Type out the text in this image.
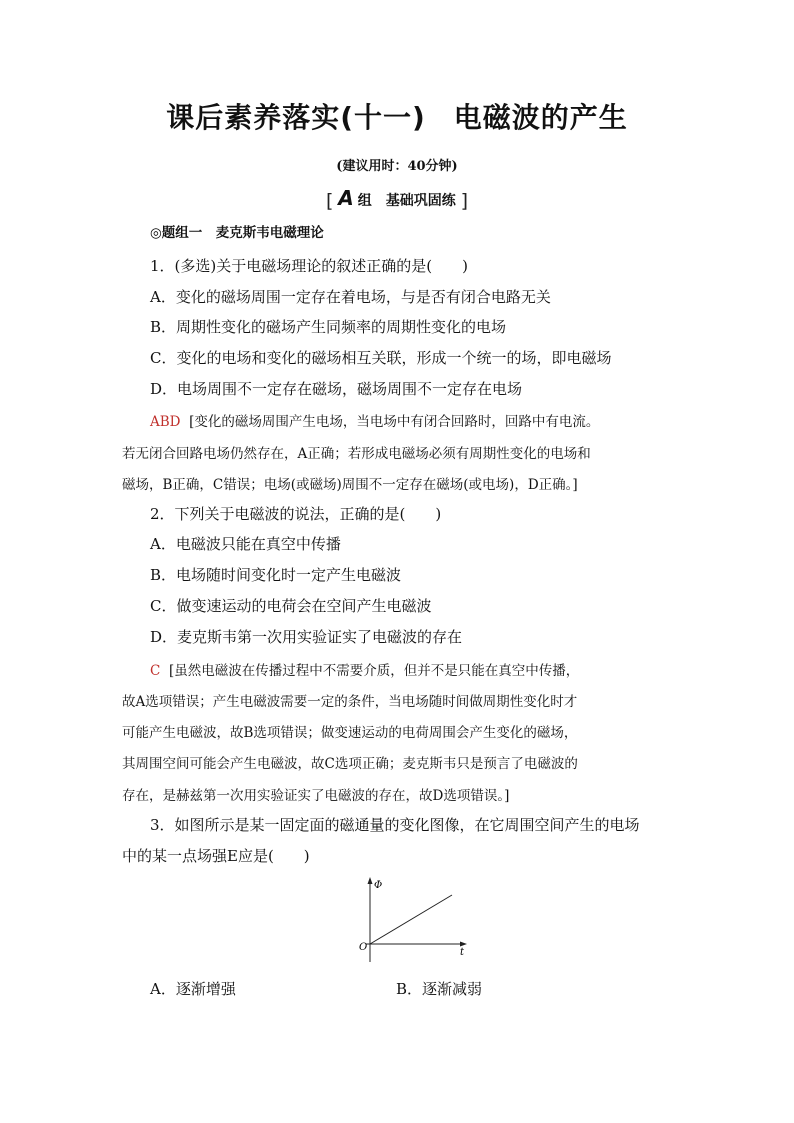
课后素养落实(十一) 电磁波的产生
(建议用时：40分钟)
[ A 组　基础巩固练 ]
◎题组一　麦克斯韦电磁理论
1．(多选)关于电磁场理论的叙述正确的是(　　)
A．变化的磁场周围一定存在着电场，与是否有闭合电路无关
B．周期性变化的磁场产生同频率的周期性变化的电场
C．变化的电场和变化的磁场相互关联，形成一个统一的场，即电磁场
D．电场周围不一定存在磁场，磁场周围不一定存在电场
ABD [变化的磁场周围产生电场，当电场中有闭合回路时，回路中有电流。
若无闭合回路电场仍然存在，A正确；若形成电磁场必须有周期性变化的电场和
磁场，B正确，C错误；电场(或磁场)周围不一定存在磁场(或电场)，D正确。]
2．下列关于电磁波的说法，正确的是(　　)
A．电磁波只能在真空中传播
B．电场随时间变化时一定产生电磁波
C．做变速运动的电荷会在空间产生电磁波
D．麦克斯韦第一次用实验证实了电磁波的存在
C [虽然电磁波在传播过程中不需要介质，但并不是只能在真空中传播，
故A选项错误；产生电磁波需要一定的条件，当电场随时间做周期性变化时才
可能产生电磁波，故B选项错误；做变速运动的电荷周围会产生变化的磁场，
其周围空间可能会产生电磁波，故C选项正确；麦克斯韦只是预言了电磁波的
存在，是赫兹第一次用实验证实了电磁波的存在，故D选项错误。]
3．如图所示是某一固定面的磁通量的变化图像，在它周围空间产生的电场
中的某一点场强E应是(　　)
Φ
t
O
A．逐渐增强	B．逐渐减弱
